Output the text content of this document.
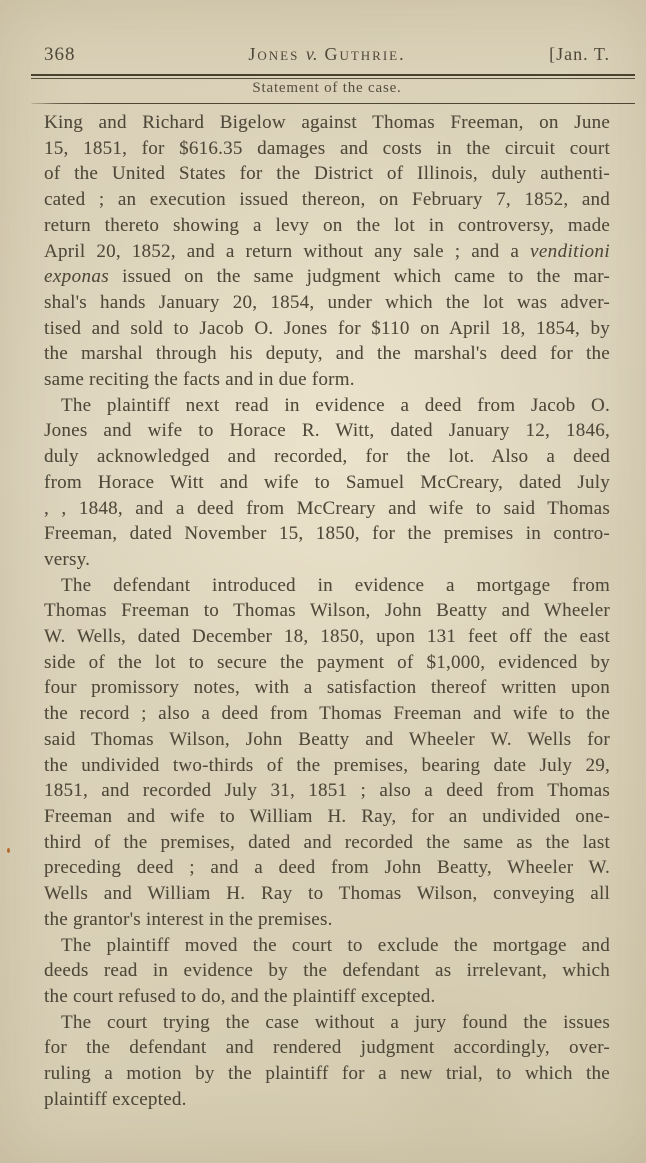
368	Jones v. Guthrie.	[Jan. T.
Statement of the case.
King and Richard Bigelow against Thomas Freeman, on June
15, 1851, for $616.35 damages and costs in the circuit court
of the United States for the District of Illinois, duly authenti-
cated ; an execution issued thereon, on February 7, 1852, and
return thereto showing a levy on the lot in controversy, made
April 20, 1852, and a return without any sale ; and a venditioni
exponas issued on the same judgment which came to the mar-
shal's hands January 20, 1854, under which the lot was adver-
tised and sold to Jacob O. Jones for $110 on April 18, 1854, by
the marshal through his deputy, and the marshal's deed for the
same reciting the facts and in due form.
The plaintiff next read in evidence a deed from Jacob O.
Jones and wife to Horace R. Witt, dated January 12, 1846,
duly acknowledged and recorded, for the lot. Also a deed
from Horace Witt and wife to Samuel McCreary, dated July
, , 1848, and a deed from McCreary and wife to said Thomas
Freeman, dated November 15, 1850, for the premises in contro-
versy.
The defendant introduced in evidence a mortgage from
Thomas Freeman to Thomas Wilson, John Beatty and Wheeler
W. Wells, dated December 18, 1850, upon 131 feet off the east
side of the lot to secure the payment of $1,000, evidenced by
four promissory notes, with a satisfaction thereof written upon
the record ; also a deed from Thomas Freeman and wife to the
said Thomas Wilson, John Beatty and Wheeler W. Wells for
the undivided two-thirds of the premises, bearing date July 29,
1851, and recorded July 31, 1851 ; also a deed from Thomas
Freeman and wife to William H. Ray, for an undivided one-
third of the premises, dated and recorded the same as the last
preceding deed ; and a deed from John Beatty, Wheeler W.
Wells and William H. Ray to Thomas Wilson, conveying all
the grantor's interest in the premises.
The plaintiff moved the court to exclude the mortgage and
deeds read in evidence by the defendant as irrelevant, which
the court refused to do, and the plaintiff excepted.
The court trying the case without a jury found the issues
for the defendant and rendered judgment accordingly, over-
ruling a motion by the plaintiff for a new trial, to which the
plaintiff excepted.
